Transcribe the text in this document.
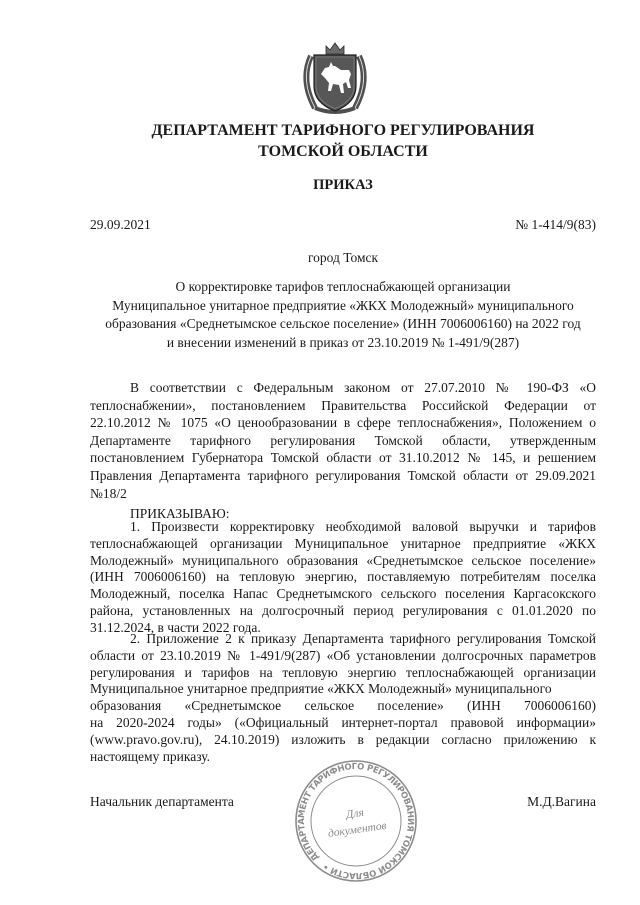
ДЕПАРТАМЕНТ ТАРИФНОГО РЕГУЛИРОВАНИЯ
ТОМСКОЙ ОБЛАСТИ
ПРИКАЗ
29.09.2021	№ 1-414/9(83)
город Томск
О корректировке тарифов теплоснабжающей организации
Муниципальное унитарное предприятие «ЖКХ Молодежный» муниципального
образования «Среднетымское сельское поселение» (ИНН 7006006160) на 2022 год
и внесении изменений в приказ от 23.10.2019 № 1-491/9(287)
В соответствии с Федеральным законом от 27.07.2010 № 190-ФЗ «О
теплоснабжении», постановлением Правительства Российской Федерации от
22.10.2012 № 1075 «О ценообразовании в сфере теплоснабжения», Положением о
Департаменте тарифного регулирования Томской области, утвержденным
постановлением Губернатора Томской области от 31.10.2012 № 145, и решением
Правления Департамента тарифного регулирования Томской области от 29.09.2021
№18/2
ПРИКАЗЫВАЮ:
1. Произвести корректировку необходимой валовой выручки и тарифов
теплоснабжающей организации Муниципальное унитарное предприятие «ЖКХ
Молодежный» муниципального образования «Среднетымское сельское поселение»
(ИНН 7006006160) на тепловую энергию, поставляемую потребителям поселка
Молодежный, поселка Напас Среднетымского сельского поселения Каргасокского
района, установленных на долгосрочный период регулирования с 01.01.2020 по
31.12.2024, в части 2022 года.
2. Приложение 2 к приказу Департамента тарифного регулирования Томской
области от 23.10.2019 № 1-491/9(287) «Об установлении долгосрочных параметров
регулирования и тарифов на тепловую энергию теплоснабжающей организации
Муниципальное унитарное предприятие «ЖКХ Молодежный» муниципального
образования «Среднетымское сельское поселение» (ИНН 7006006160)
на 2020-2024 годы» («Официальный интернет-портал правовой информации»
(www.pravo.gov.ru), 24.10.2019) изложить в редакции согласно приложению к
настоящему приказу.
Начальник департамента	М.Д.Вагина
ДЕПАРТАМЕНТ ТАРИФНОГО РЕГУЛИРОВАНИЯ ТОМСКОЙ ОБЛАСТИ •
Для
документов
